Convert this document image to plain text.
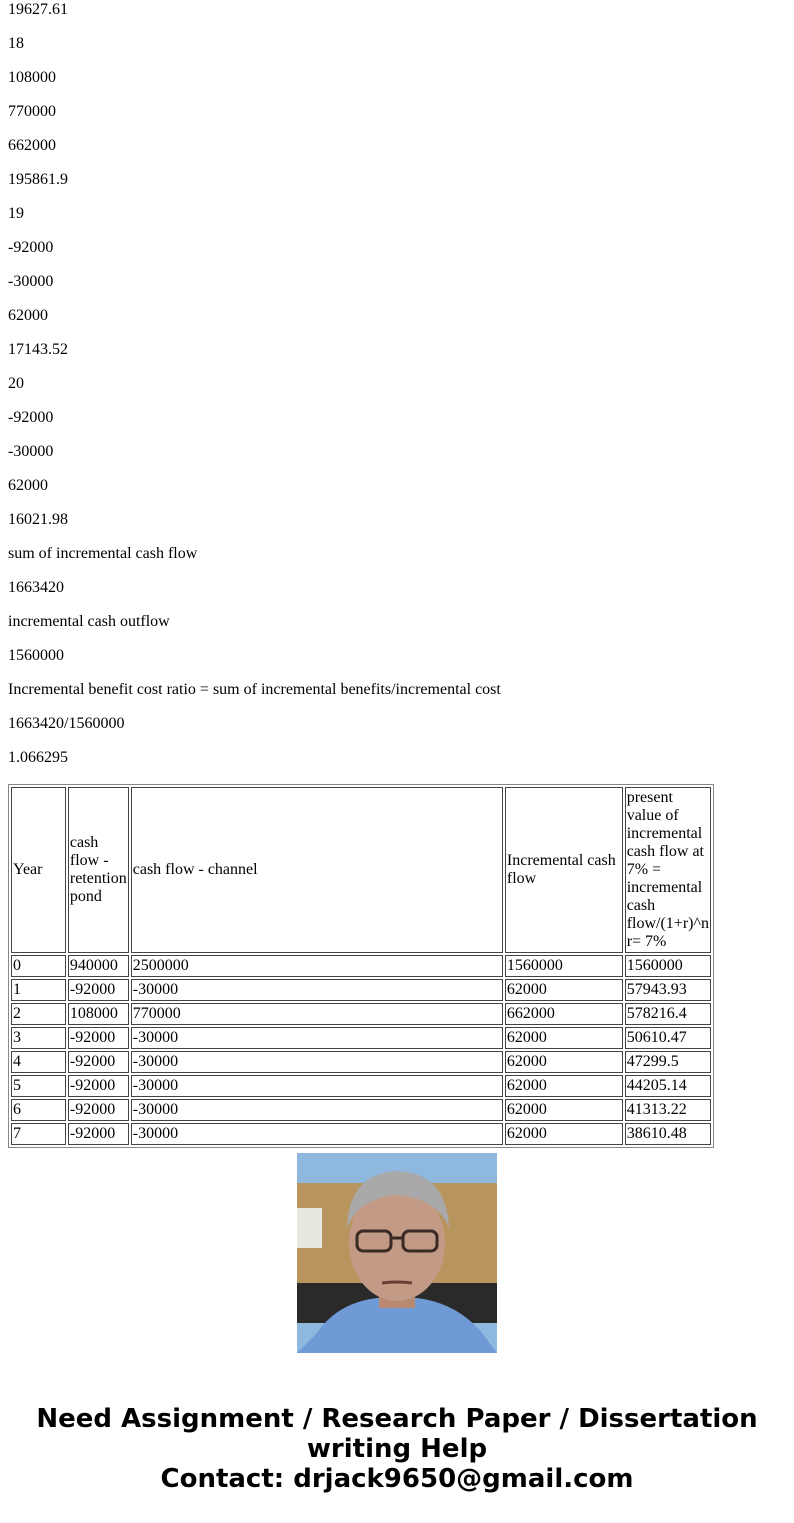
19627.61

18

108000

770000

662000

195861.9

19

-92000

-30000

62000

17143.52

20

-92000

-30000

62000

16021.98

sum of incremental cash flow

1663420

incremental cash outflow

1560000

Incremental benefit cost ratio = sum of incremental benefits/incremental cost

1663420/1560000

1.066295

Year	cash flow - retention pond	cash flow - channel	Incremental cash flow	present value of incremental cash flow at 7% = incremental cash flow/(1+r)^n r= 7%
0	940000	2500000	1560000	1560000
1	-92000	-30000	62000	57943.93
2	108000	770000	662000	578216.4
3	-92000	-30000	62000	50610.47
4	-92000	-30000	62000	47299.5
5	-92000	-30000	62000	44205.14
6	-92000	-30000	62000	41313.22
7	-92000	-30000	62000	38610.48
Need Assignment / Research Paper / Dissertation
writing Help
Contact: drjack9650@gmail.com
